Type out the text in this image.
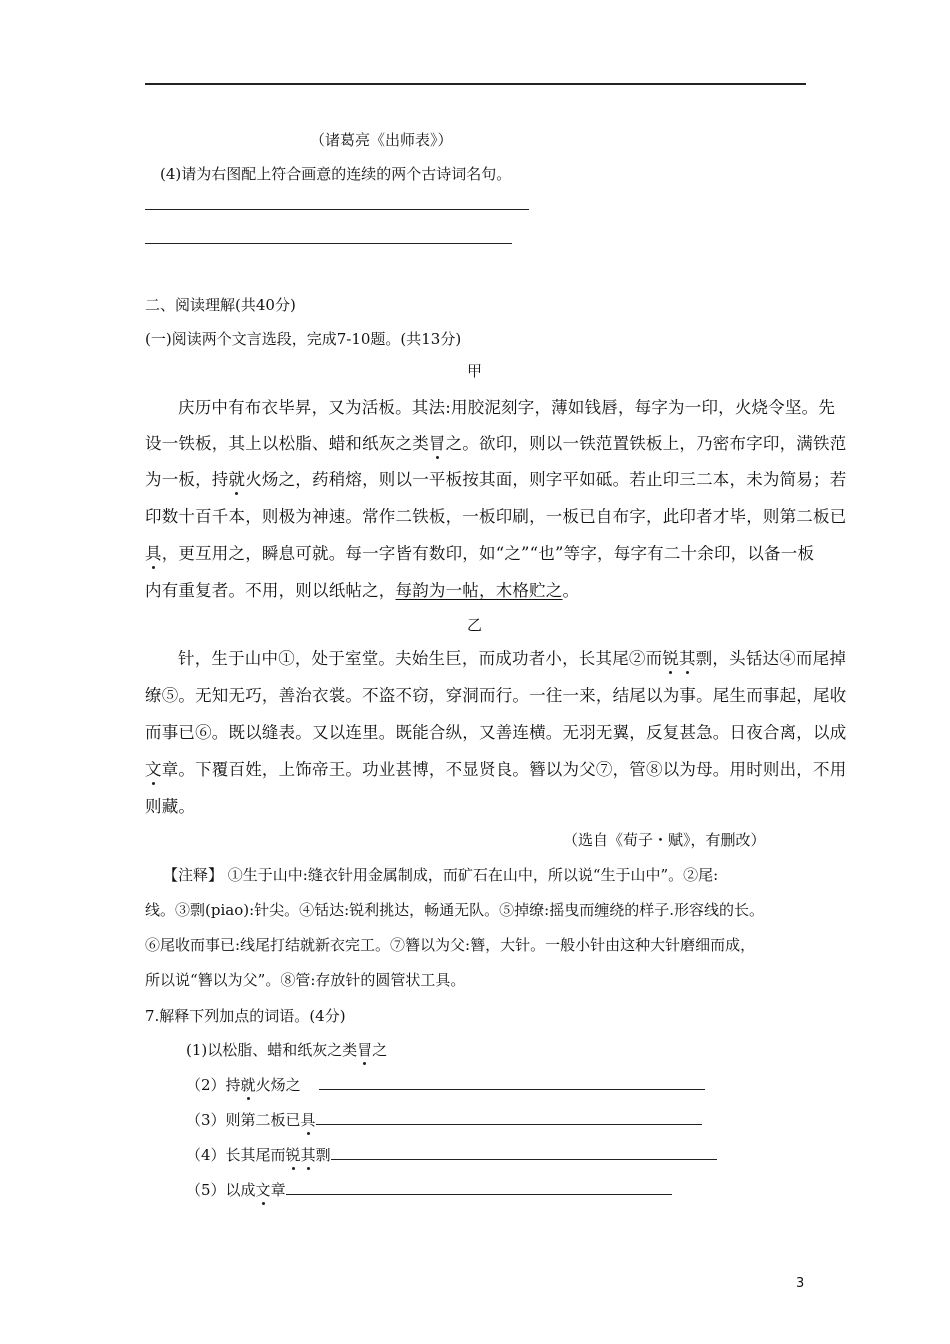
（诸葛亮《出师表》）
(4)请为右图配上符合画意的连续的两个古诗词名句。
二、阅读理解(共40分)
(一)阅读两个文言选段，完成7-10题。(共13分)
甲
庆历中有布衣毕昇，又为活板。其法:用胶泥刻字，薄如钱唇，每字为一印，火烧令坚。先
设一铁板，其上以松脂、蜡和纸灰之类冒之。欲印，则以一铁范置铁板上，乃密布字印，满铁范
为一板，持就火炀之，药稍熔，则以一平板按其面，则字平如砥。若止印三二本，未为简易；若
印数十百千本，则极为神速。常作二铁板，一板印刷，一板已自布字，此印者才毕，则第二板已
具，更互用之，瞬息可就。每一字皆有数印，如“之”“也”等字，每字有二十余印，以备一板
内有重复者。不用，则以纸帖之，每韵为一帖，木格贮之。
乙
针，生于山中①，处于室堂。夫始生巨，而成功者小，长其尾②而锐其剽，头铦达④而尾掉
缭⑤。无知无巧，善治衣裳。不盗不窃，穿洞而行。一往一来，结尾以为事。尾生而事起，尾收
而事已⑥。既以缝表。又以连里。既能合纵，又善连横。无羽无翼，反复甚急。日夜合离，以成
文章。下覆百姓，上饰帝王。功业甚博，不显贤良。簪以为父⑦，管⑧以为母。用时则出，不用
则藏。
（选自《荀子・赋》，有删改）
【注释】 ①生于山中:缝衣针用金属制成，而矿石在山中，所以说“生于山中”。②尾:
线。③剽(piao):针尖。④铦达:锐利挑达，畅通无队。⑤掉缭:摇曳而缠绕的样子.形容线的长。
⑥尾收而事已:线尾打结就新衣完工。⑦簪以为父:簪，大针。一般小针由这种大针磨细而成，
所以说“簪以为父”。⑧管:存放针的圆管状工具。
7.解释下列加点的词语。(4分)
(1)以松脂、蜡和纸灰之类冒之
（2）持就火炀之
（3）则第二板已具
（4）长其尾而锐其剽
（5）以成文章
3
